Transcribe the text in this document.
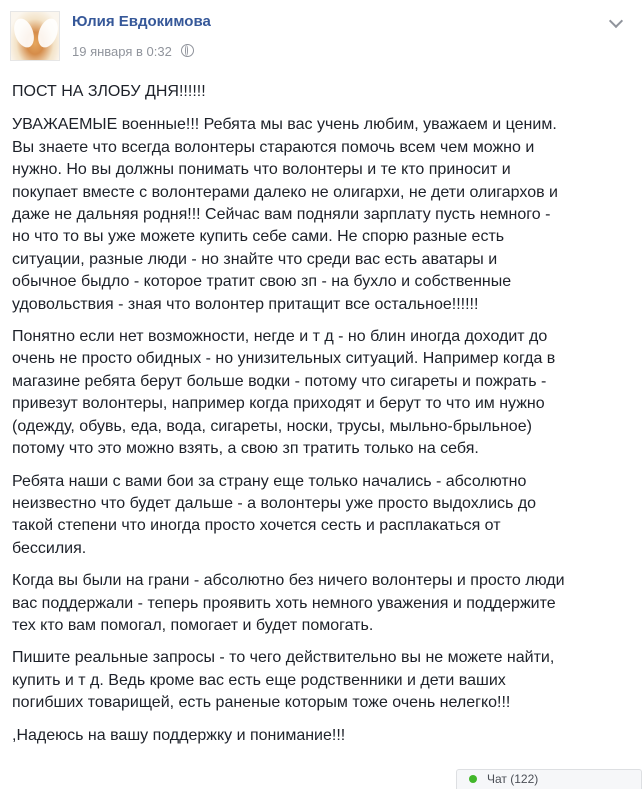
Юлия Евдокимова
19 января в 0:32

ПОСТ НА ЗЛОБУ ДНЯ!!!!!!

УВАЖАЕМЫЕ военные!!! Ребята мы вас учень любим, уважаем и ценим.
Вы знаете что всегда волонтеры стараются помочь всем чем можно и
нужно. Но вы должны понимать что волонтеры и те кто приносит и
покупает вместе с волонтерами далеко не олигархи, не дети олигархов и
даже не дальняя родня!!! Сейчас вам подняли зарплату пусть немного -
но что то вы уже можете купить себе сами. Не спорю разные есть
ситуации, разные люди - но знайте что среди вас есть аватары и
обычное быдло - которое тратит свою зп - на бухло и собственные
удовольствия - зная что волонтер притащит все остальное!!!!!!

Понятно если нет возможности, негде и т д - но блин иногда доходит до
очень не просто обидных - но унизительных ситуаций. Например когда в
магазине ребята берут больше водки - потому что сигареты и пожрать -
привезут волонтеры, например когда приходят и берут то что им нужно
(одежду, обувь, еда, вода, сигареты, носки, трусы, мыльно-брыльное)
потому что это можно взять, а свою зп тратить только на себя.

Ребята наши с вами бои за страну еще только начались - абсолютно
неизвестно что будет дальше - а волонтеры уже просто выдохлись до
такой степени что иногда просто хочется сесть и расплакаться от
бессилия.

Когда вы были на грани - абсолютно без ничего волонтеры и просто люди
вас поддержали - теперь проявить хоть немного уважения и поддержите
тех кто вам помогал, помогает и будет помогать.

Пишите реальные запросы - то чего действительно вы не можете найти,
купить и т д. Ведь кроме вас есть еще родственники и дети ваших
погибших товарищей, есть раненые которым тоже очень нелегко!!!

,Надеюсь на вашу поддержку и понимание!!!

Чат (122)
